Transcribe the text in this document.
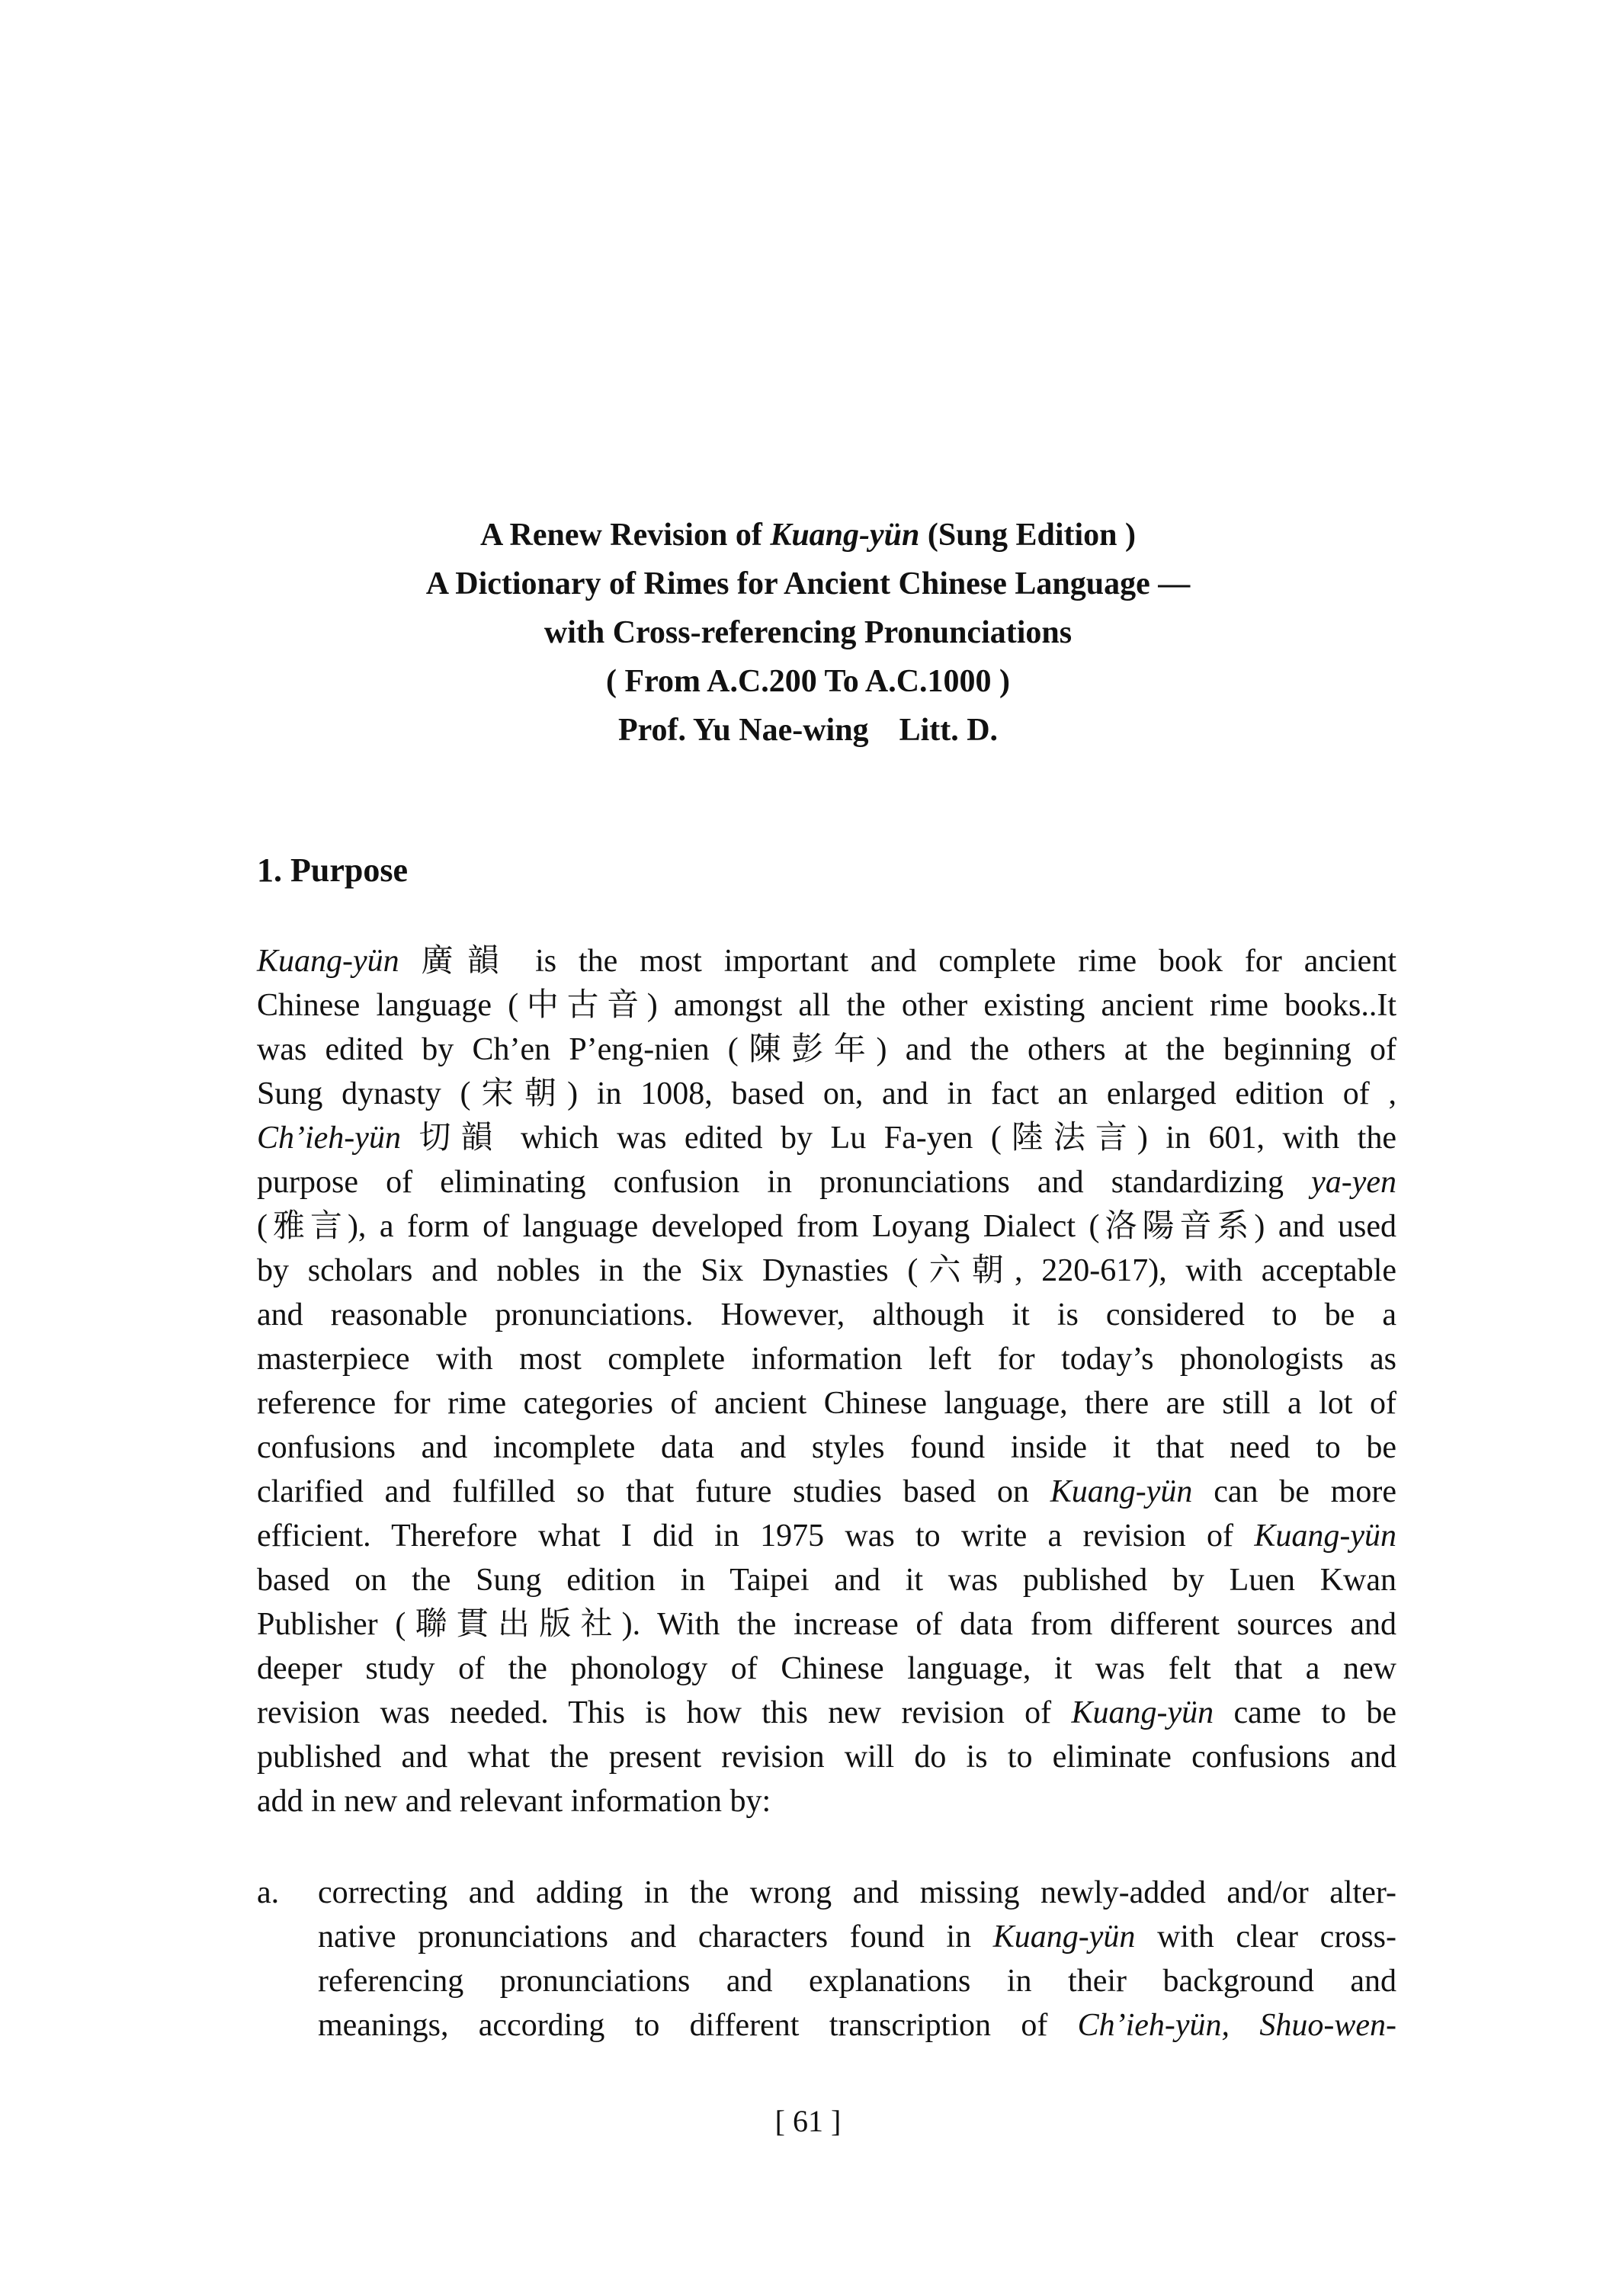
A Renew Revision of Kuang-yün (Sung Edition )
A Dictionary of Rimes for Ancient Chinese Language —
with Cross-referencing Pronunciations
( From A.C.200 To A.C.1000 )
Prof. Yu Nae-wing Litt. D.
1. Purpose
Kuang-yün 廣韻 is the most important and complete rime book for ancient
Chinese language (中古音) amongst all the other existing ancient rime books..It
was edited by Ch’en P’eng-nien (陳彭年) and the others at the beginning of
Sung dynasty (宋朝) in 1008, based on, and in fact an enlarged edition of ,
Ch’ieh-yün 切韻 which was edited by Lu Fa-yen (陸法言) in 601, with the
purpose of eliminating confusion in pronunciations and standardizing ya-yen
(雅言), a form of language developed from Loyang Dialect (洛陽音系) and used
by scholars and nobles in the Six Dynasties (六朝, 220-617), with acceptable
and reasonable pronunciations. However, although it is considered to be a
masterpiece with most complete information left for today’s phonologists as
reference for rime categories of ancient Chinese language, there are still a lot of
confusions and incomplete data and styles found inside it that need to be
clarified and fulfilled so that future studies based on Kuang-yün can be more
efficient. Therefore what I did in 1975 was to write a revision of Kuang-yün
based on the Sung edition in Taipei and it was published by Luen Kwan
Publisher (聯貫出版社). With the increase of data from different sources and
deeper study of the phonology of Chinese language, it was felt that a new
revision was needed. This is how this new revision of Kuang-yün came to be
published and what the present revision will do is to eliminate confusions and
add in new and relevant information by:
a.	correcting and adding in the wrong and missing newly-added and/or alter-
native pronunciations and characters found in Kuang-yün with clear cross-
referencing pronunciations and explanations in their background and
meanings, according to different transcription of Ch’ieh-yün, Shuo-wen-
[ 61 ]
